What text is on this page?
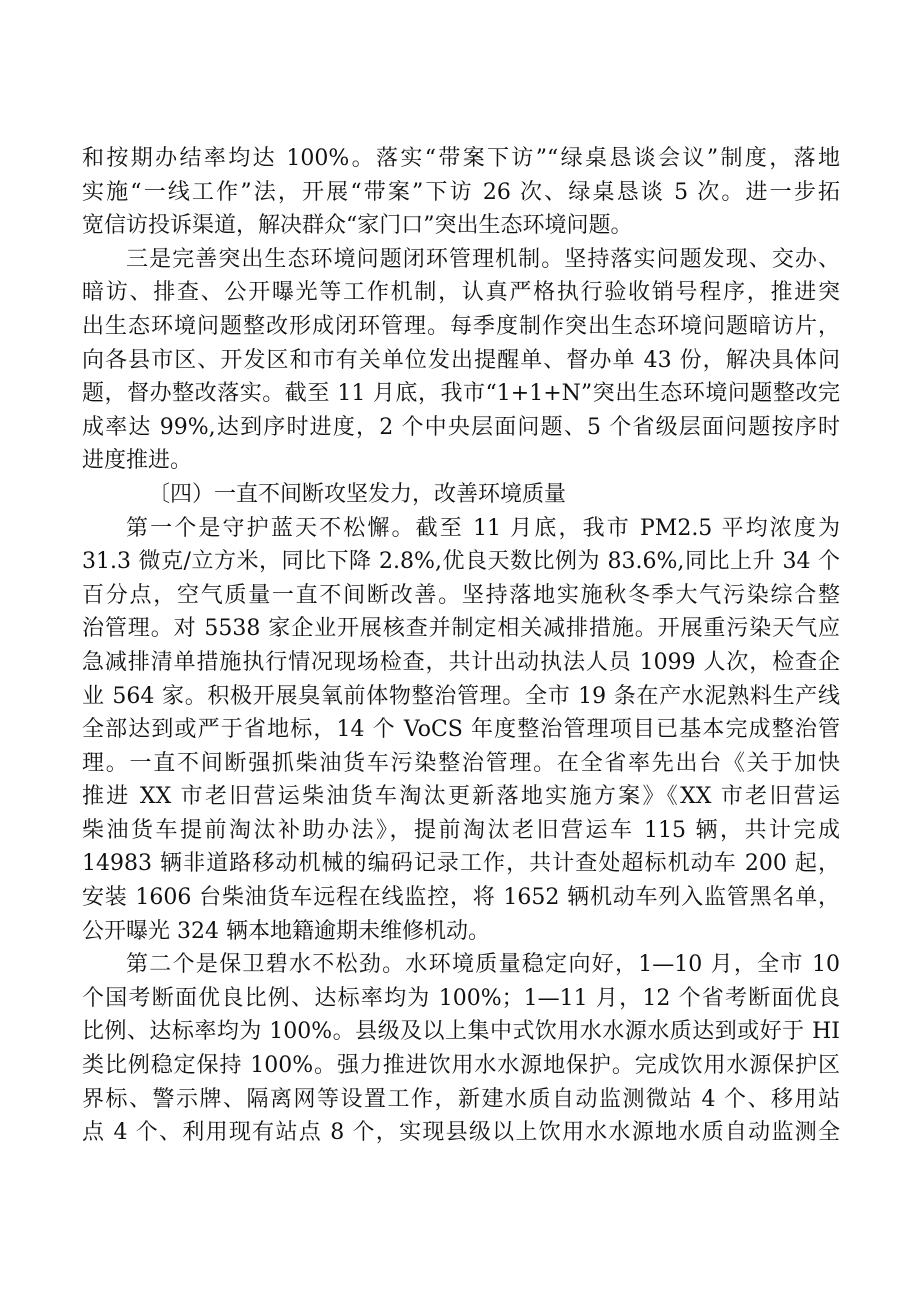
和按期办结率均达 100%。落实“带案下访”“绿桌恳谈会议”制度，落地
实施“一线工作”法，开展“带案”下访 26 次、绿桌恳谈 5 次。进一步拓
宽信访投诉渠道，解决群众“家门口”突出生态环境问题。
三是完善突出生态环境问题闭环管理机制。坚持落实问题发现、交办、
暗访、排查、公开曝光等工作机制，认真严格执行验收销号程序，推进突
出生态环境问题整改形成闭环管理。每季度制作突出生态环境问题暗访片，
向各县市区、开发区和市有关单位发出提醒单、督办单 43 份，解决具体问
题，督办整改落实。截至 11 月底，我市“1+1+N”突出生态环境问题整改完
成率达 99%,达到序时进度，2 个中央层面问题、5 个省级层面问题按序时
进度推进。
〔四）一直不间断攻坚发力，改善环境质量
第一个是守护蓝天不松懈。截至 11 月底，我市 PM2.5 平均浓度为
31.3 微克/立方米，同比下降 2.8%,优良天数比例为 83.6%,同比上升 34 个
百分点，空气质量一直不间断改善。坚持落地实施秋冬季大气污染综合整
治管理。对 5538 家企业开展核查并制定相关减排措施。开展重污染天气应
急减排清单措施执行情况现场检查，共计出动执法人员 1099 人次，检查企
业 564 家。积极开展臭氧前体物整治管理。全市 19 条在产水泥熟料生产线
全部达到或严于省地标，14 个 VoCS 年度整治管理项目已基本完成整治管
理。一直不间断强抓柴油货车污染整治管理。在全省率先出台《关于加快
推进 XX 市老旧营运柴油货车淘汰更新落地实施方案》《XX 市老旧营运
柴油货车提前淘汰补助办法》，提前淘汰老旧营运车 115 辆，共计完成
14983 辆非道路移动机械的编码记录工作，共计查处超标机动车 200 起，
安装 1606 台柴油货车远程在线监控，将 1652 辆机动车列入监管黑名单，
公开曝光 324 辆本地籍逾期未维修机动。
第二个是保卫碧水不松劲。水环境质量稳定向好，1—10 月，全市 10
个国考断面优良比例、达标率均为 100%；1—11 月，12 个省考断面优良
比例、达标率均为 100%。县级及以上集中式饮用水水源水质达到或好于 HI
类比例稳定保持 100%。强力推进饮用水水源地保护。完成饮用水源保护区
界标、警示牌、隔离网等设置工作，新建水质自动监测微站 4 个、移用站
点 4 个、利用现有站点 8 个，实现县级以上饮用水水源地水质自动监测全
